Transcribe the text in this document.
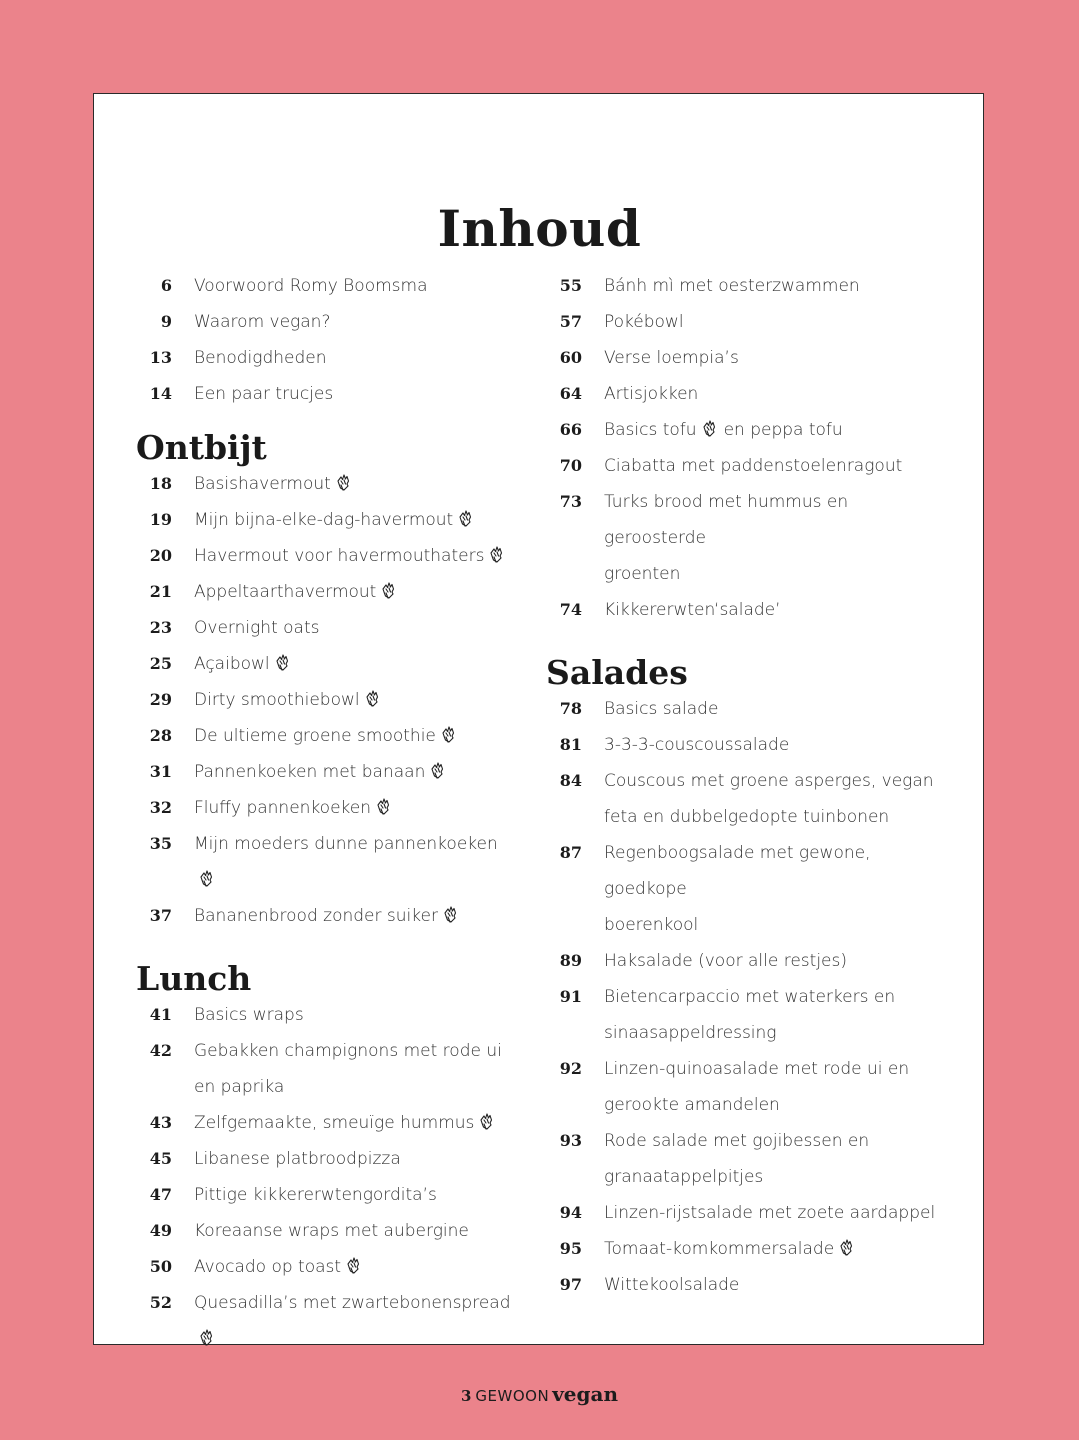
Inhoud
6 Voorwoord Romy Boomsma
9 Waarom vegan?
13 Benodigdheden
14 Een paar trucjes
Ontbijt
18 Basishavermout
19 Mijn bijna-elke-dag-havermout
20 Havermout voor havermouthaters
21 Appeltaarthavermout
23 Overnight oats
25 Açaibowl
29 Dirty smoothiebowl
28 De ultieme groene smoothie
31 Pannenkoeken met banaan
32 Fluffy pannenkoeken
35 Mijn moeders dunne pannenkoeken
37 Bananenbrood zonder suiker
Lunch
41 Basics wraps
42 Gebakken champignons met rode ui
en paprika
43 Zelfgemaakte, smeuïge hummus
45 Libanese platbroodpizza
47 Pittige kikkererwtengordita’s
49 Koreaanse wraps met aubergine
50 Avocado op toast
52 Quesadilla’s met zwartebonenspread
55 Bánh mì met oesterzwammen
57 Pokébowl
60 Verse loempia’s
64 Artisjokken
66 Basics tofu en peppa tofu
70 Ciabatta met paddenstoelenragout
73 Turks brood met hummus en geroosterde
groenten
74 Kikkererwten‘salade’
Salades
78 Basics salade
81 3-3-3-couscoussalade
84 Couscous met groene asperges, vegan
feta en dubbelgedopte tuinbonen
87 Regenboogsalade met gewone, goedkope
boerenkool
89 Haksalade (voor alle restjes)
91 Bietencarpaccio met waterkers en
sinaasappeldressing
92 Linzen-quinoasalade met rode ui en
gerookte amandelen
93 Rode salade met gojibessen en
granaatappelpitjes
94 Linzen-rijstsalade met zoete aardappel
95 Tomaat-komkommersalade
97 Wittekoolsalade
3 GEWOON vegan
